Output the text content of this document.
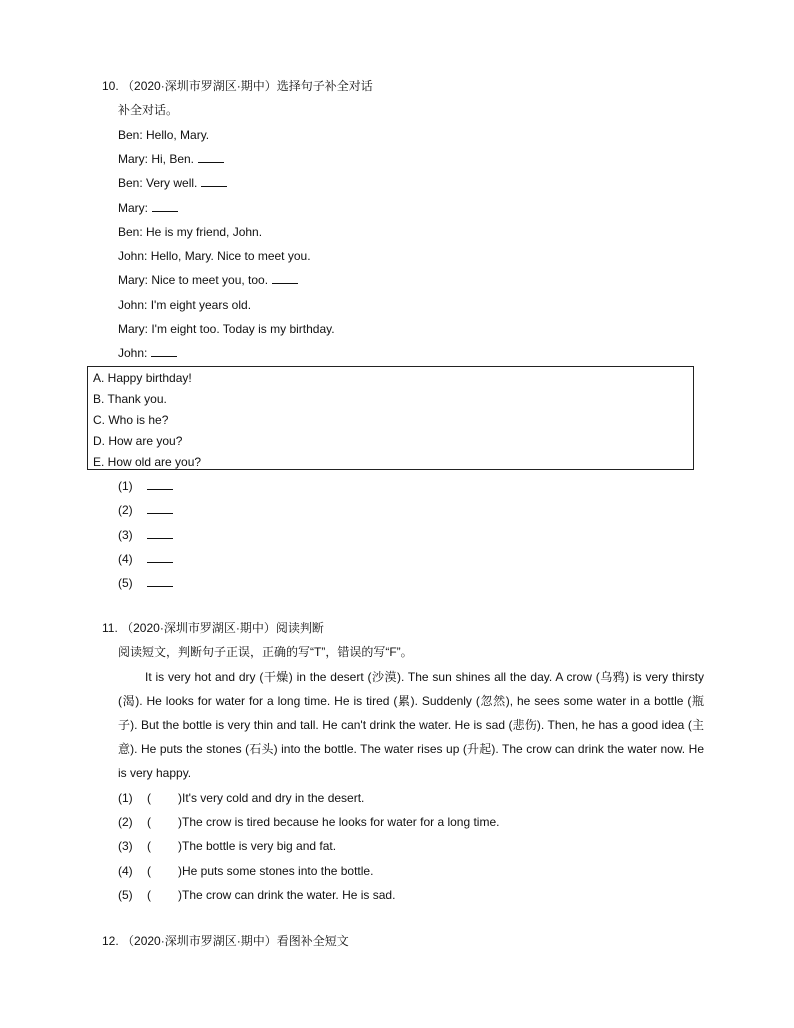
10. （2020·深圳市罗湖区·期中）选择句子补全对话
补全对话。
Ben: Hello, Mary.
Mary: Hi, Ben.
Ben: Very well.
Mary:
Ben: He is my friend, John.
John: Hello, Mary. Nice to meet you.
Mary: Nice to meet you, too.
John: I'm eight years old.
Mary: I'm eight too. Today is my birthday.
John:
A. Happy birthday!
B. Thank you.
C. Who is he?
D. How are you?
E. How old are you?
(1)
(2)
(3)
(4)
(5)
11. （2020·深圳市罗湖区·期中）阅读判断
阅读短文，判断句子正误，正确的写“T”，错误的写“F”。
It is very hot and dry (干燥) in the desert (沙漠). The sun shines all the day. A crow (乌鸦) is very thirsty (渴). He looks for water for a long time. He is tired (累). Suddenly (忽然), he sees some water in a bottle (瓶子). But the bottle is very thin and tall. He can't drink the water. He is sad (悲伤). Then, he has a good idea (主意). He puts the stones (石头) into the bottle. The water rises up (升起). The crow can drink the water now. He is very happy.
(1) ( )It's very cold and dry in the desert.
(2) ( )The crow is tired because he looks for water for a long time.
(3) ( )The bottle is very big and fat.
(4) ( )He puts some stones into the bottle.
(5) ( )The crow can drink the water. He is sad.
12. （2020·深圳市罗湖区·期中）看图补全短文
